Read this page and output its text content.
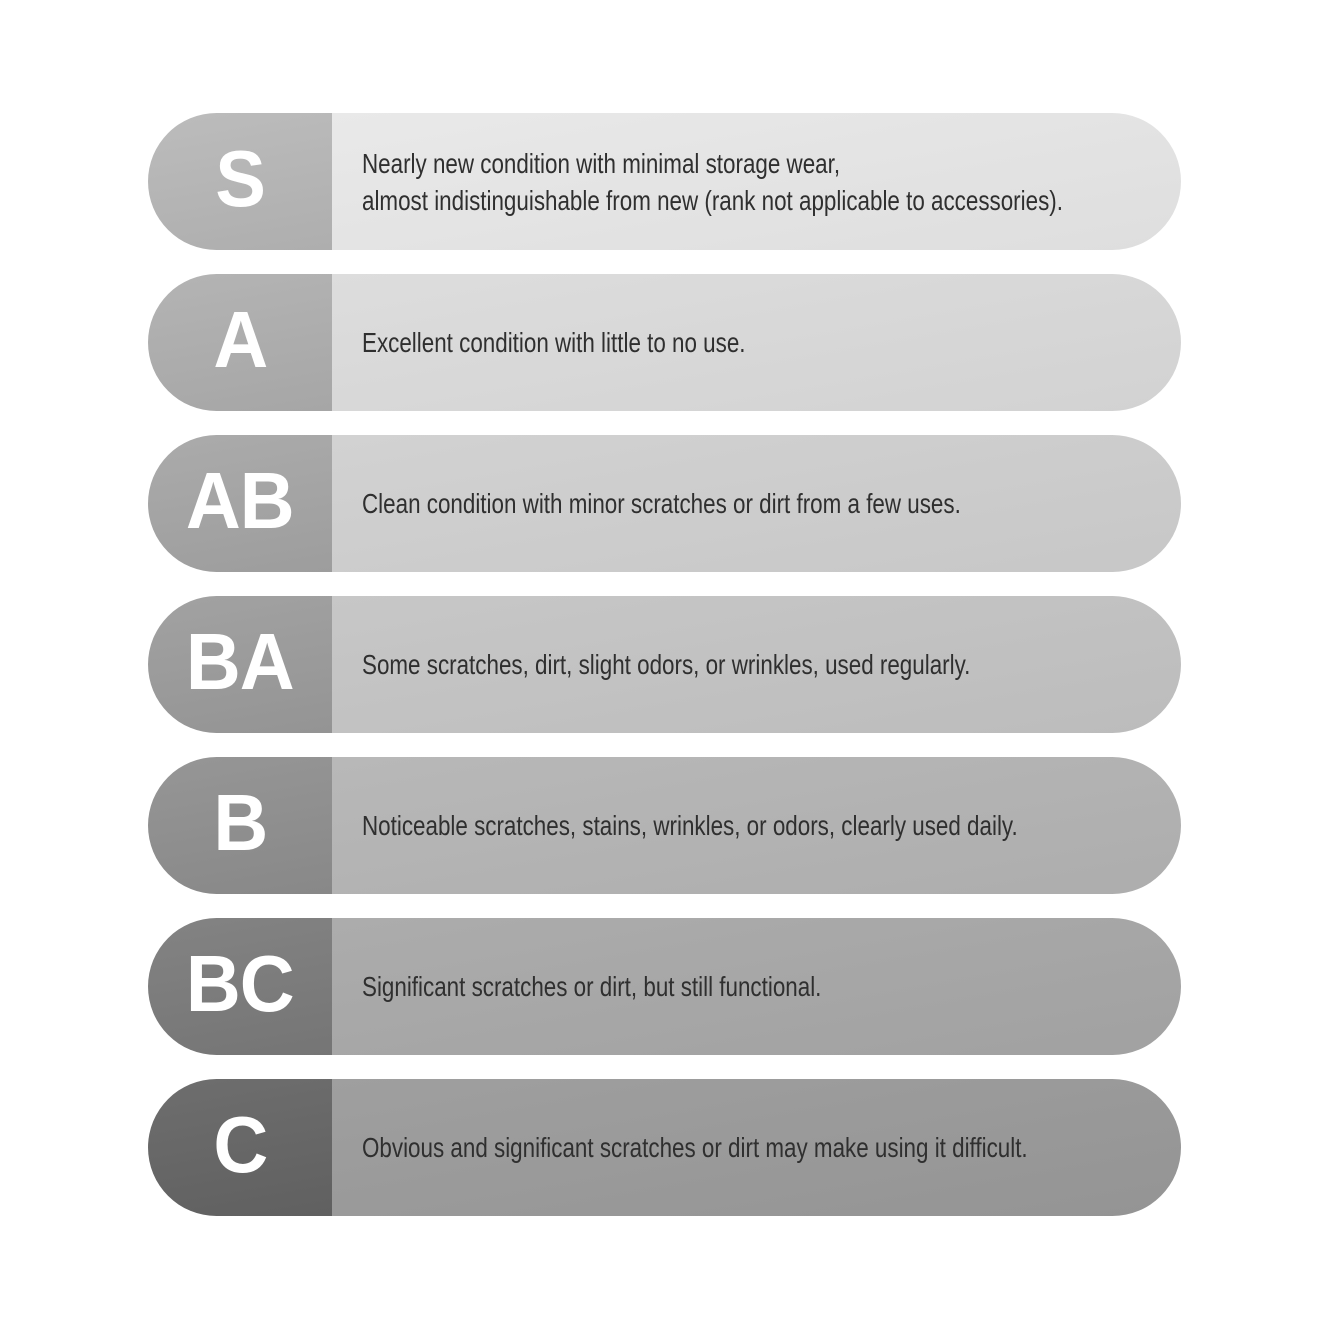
S	Nearly new condition with minimal storage wear,
almost indistinguishable from new (rank not applicable to accessories).
A	Excellent condition with little to no use.
AB Clean condition with minor scratches or dirt from a few uses.
BA Some scratches, dirt, slight odors, or wrinkles, used regularly.
B	Noticeable scratches, stains, wrinkles, or odors, clearly used daily.
BC Significant scratches or dirt, but still functional.
C	Obvious and significant scratches or dirt may make using it difficult.
